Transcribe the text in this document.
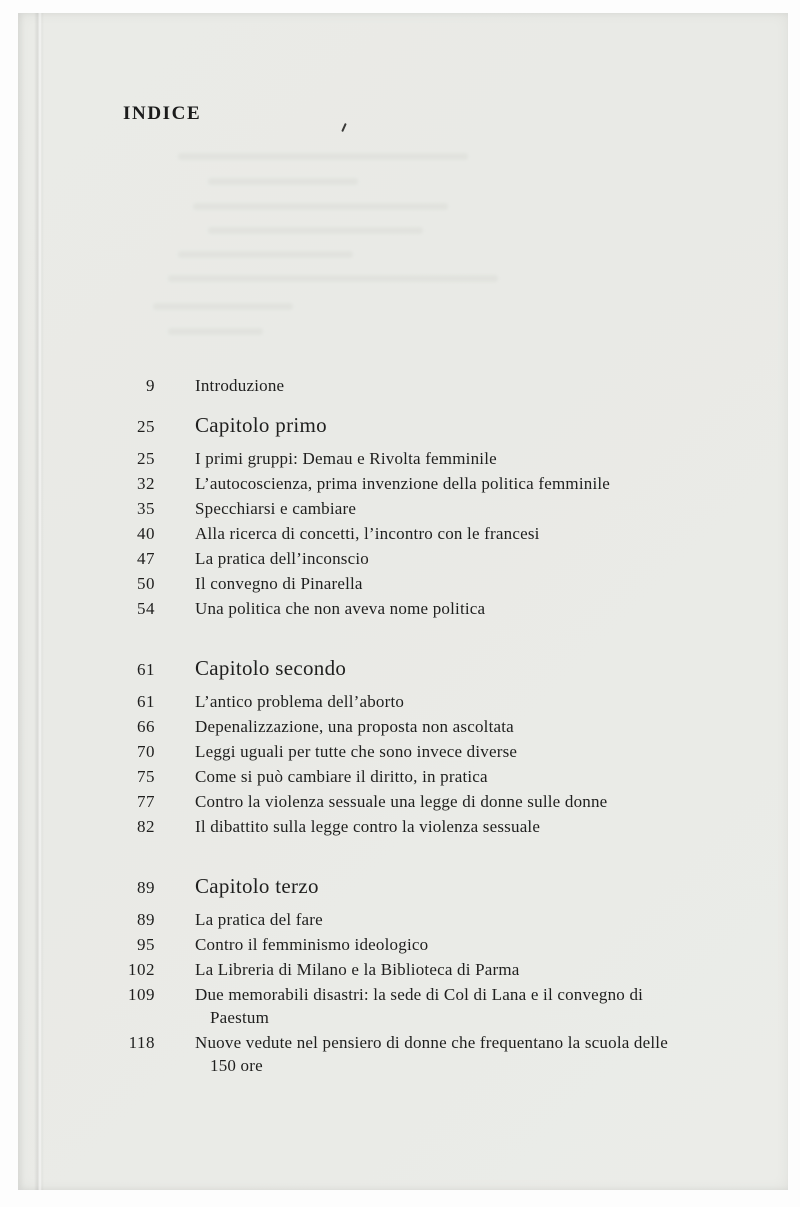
INDICE
9 Introduzione
25 Capitolo primo
25 I primi gruppi: Demau e Rivolta femminile
32 L’autocoscienza, prima invenzione della politica femminile
35 Specchiarsi e cambiare
40 Alla ricerca di concetti, l’incontro con le francesi
47 La pratica dell’inconscio
50 Il convegno di Pinarella
54 Una politica che non aveva nome politica
61 Capitolo secondo
61 L’antico problema dell’aborto
66 Depenalizzazione, una proposta non ascoltata
70 Leggi uguali per tutte che sono invece diverse
75 Come si può cambiare il diritto, in pratica
77 Contro la violenza sessuale una legge di donne sulle donne
82 Il dibattito sulla legge contro la violenza sessuale
89 Capitolo terzo
89 La pratica del fare
95 Contro il femminismo ideologico
102 La Libreria di Milano e la Biblioteca di Parma
109 Due memorabili disastri: la sede di Col di Lana e il convegno di Paestum
118 Nuove vedute nel pensiero di donne che frequentano la scuola delle 150 ore
